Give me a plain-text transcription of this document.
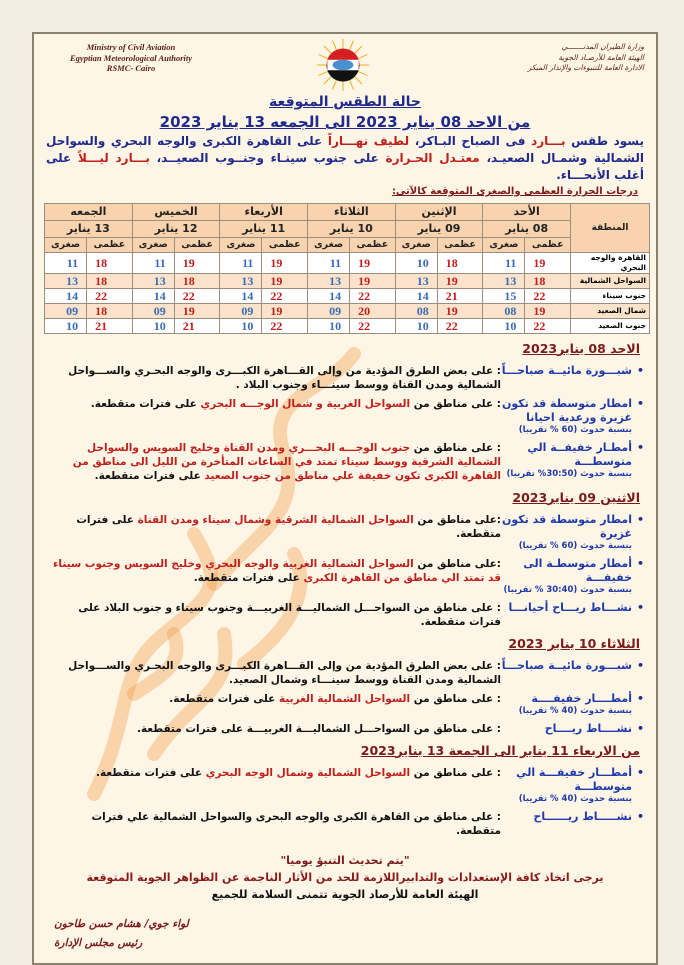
Ministry of Civil Aviation
Egyptian Meteorological Authority
RSMC- Cairo
وزارة الطيران المدنـــــــي
الهيئة العامة للأرصـاد الجوية
الادارة العامة للتنبوءات والإنذار المبكر
حالة الطقس المتوقعة
من الاحد 08 يناير 2023 الى الجمعه 13 يناير 2023
يسود طقس بـــارد فى الصباح البـاكر، لطيف نهـــاراً على القاهرة الكبرى والوجه البحري والسواحل الشمالية وشمـال الصعيـد، معتـدل الحـرارة على جنوب سينـاء وجنــوب الصعيــد، بـــارد ليـــلاً على أغلب الأنحـــاء.
درجات الحرارة العظمى والصغرى المتوقعة كالآتى:
المنطقة	الأحد		الإثنين		الثلاثاء		الأربعاء		الخميس		الجمعه	
	08 يناير		09 يناير		10 يناير		11 يناير		12 يناير		13 يناير	
	عظمى	صغرى	عظمى	صغرى	عظمى	صغرى	عظمى	صغرى	عظمى	صغرى	عظمى	صغرى
القاهرة والوجه البحري	19	11	18	10	19	11	19	11	19	11	18	11
السواحل الشمالية	18	13	19	13	19	13	19	13	18	13	18	13
جنوب سيناء	22	15	21	14	22	14	22	14	22	14	22	14
شمال الصعيد	19	08	19	08	20	09	19	09	19	09	18	09
جنوب الصعيد	22	10	22	10	22	10	22	10	21	10	21	10
الاحد 08 يناير2023
• شبـــورة مائيــة صباحـــاً
: على بعض الطرق المؤدية من وإلى القـــاهرة الكبـــرى والوجه البحـري والســـواحل الشمالية ومدن القناة ووسط سينـــاء وجنوب البلاد .
• امطار متوسطة قد تكون غزيرة ورعدية احيانا
بنسبة حدوث (60 % تقريبا)
: على مناطق من السواحل الغربية و شمال الوجـــه البحري على فترات متقطعة.
• أمطـار خفيفــة الي متوسطـــة
بنسبة حدوث (30:50% تقريبا)
: على مناطق من جنوب الوجـــه البحـــري ومدن القناة وخليج السويس والسواحل الشمالية الشرقية ووسط سيناء تمتد في الساعات المتأخرة من الليل الى مناطق من القاهرة الكبرى تكون خفيفة علي مناطق من جنوب الصعيد على فترات متقطعة.
الاثنين 09 يناير2023
• امطار متوسطة قد تكون غزيرة
بنسبة حدوث (60 % تقريبا)
:على مناطق من السواحل الشمالية الشرقية وشمال سيناء ومدن القناة على فترات متقطعة.
• أمطار متوسطـة الى خفيفـــة
بنسبة حدوث (30:40 % تقريبا)
:على مناطق من السواحل الشمالية الغربية والوجه البحري وخليج السويس وجنوب سيناء قد تمتد الي مناطق من القاهرة الكبرى على فترات متقطعة.
• نشـــاط ريـــاح أحيانـــا
: على مناطق من السواحـــل الشماليـــة الغربيـــة وجنوب سيناء و جنوب البلاد على فترات متقطعة.
الثلاثاء 10 يناير 2023
• شبـــورة مائيــة صباحـــاً
: على بعض الطرق المؤدية من وإلى القـــاهرة الكبـــرى والوجه البحـري والســـواحل الشمالية ومدن القناة ووسط سينـــاء وشمال الصعيد.
• أمطــــار خفيفــــة
بنسبة حدوث (40 % تقريبا)
: على مناطق من السواحل الشمالية الغربية على فترات متقطعة.
• نشــــاط ريــــاح
: على مناطق من السواحـــل الشماليـــة الغربيـــة على فترات متقطعة.
من الاربعاء 11 يناير الى الجمعة 13 يناير2023
• أمطـــار خفيفـــة الي متوسطـــة
بنسبة حدوث (40 % تقريبا)
: على مناطق من السواحل الشمالية وشمال الوجه البحري على فترات متقطعة.
• نشـــــاط ريــــــاح
: على مناطق من القاهرة الكبرى والوجه البحرى والسواحل الشمالية علي فترات متقطعة.
"يتم تحديث التنبؤ يوميا"
يرجى اتخاذ كافة الإستعدادات والتدابيراللازمة للحد من الأثار الناجمة عن الظواهر الجوية المتوقعة
الهيئة العامة للأرصاد الجوية تتمنى السلامة للجميع
لواء جوي/ هشام حسن طاحون
رئيس مجلس الإدارة
